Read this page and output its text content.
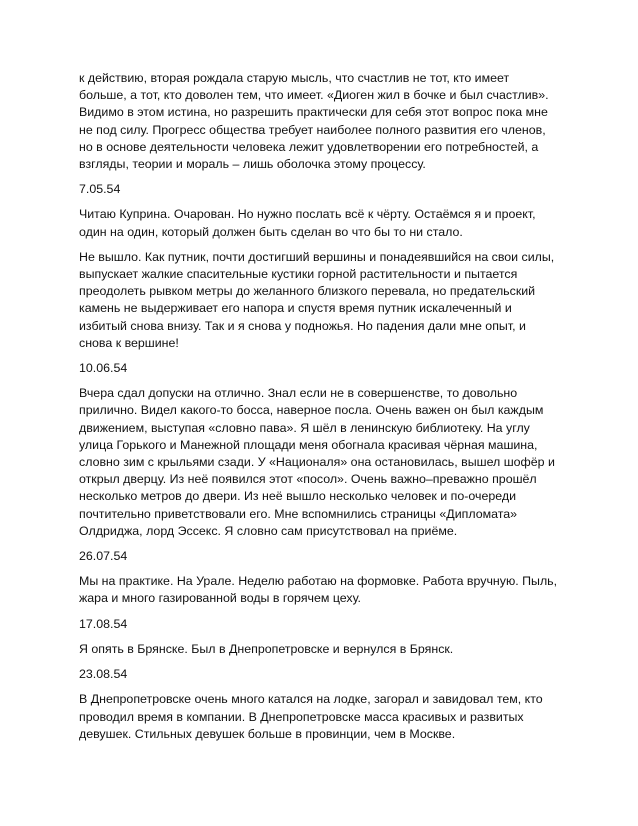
к действию, вторая рождала старую мысль, что счастлив не тот, кто имеет больше, а тот, кто доволен тем, что имеет. «Диоген жил в бочке и был счастлив». Видимо в этом истина, но разрешить практически для себя этот вопрос пока мне не под силу. Прогресс общества требует наиболее полного развития его членов, но в основе деятельности человека лежит удовлетворении его потребностей, а взгляды, теории и мораль – лишь оболочка этому процессу.

7.05.54

Читаю Куприна. Очарован. Но нужно послать всё к чёрту. Остаёмся я и проект, один на один, который должен быть сделан во что бы то ни стало.

Не вышло. Как путник, почти достигший вершины и понадеявшийся на свои силы, выпускает жалкие спасительные кустики горной растительности и пытается преодолеть рывком метры до желанного близкого перевала, но предательский камень не выдерживает его напора и спустя время путник искалеченный и избитый снова внизу. Так и я снова у подножья. Но падения дали мне опыт, и снова к вершине!

10.06.54

Вчера сдал допуски на отлично. Знал если не в совершенстве, то довольно прилично. Видел какого-то босса, наверное посла. Очень важен он был каждым движением, выступая «словно пава». Я шёл в ленинскую библиотеку. На углу улица Горького и Манежной площади меня обогнала красивая чёрная машина, словно зим с крыльями сзади. У «Националя» она остановилась, вышел шофёр и открыл дверцу. Из неё появился этот «посол». Очень важно–преважно прошёл несколько метров до двери. Из неё вышло несколько человек и по-очереди почтительно приветствовали его. Мне вспомнились страницы «Дипломата» Олдриджа, лорд Эссекс. Я словно сам присутствовал на приёме.

26.07.54

Мы на практике. На Урале. Неделю работаю на формовке. Работа вручную. Пыль, жара и много газированной воды в горячем цеху.

17.08.54

Я опять в Брянске. Был в Днепропетровске и вернулся в Брянск.

23.08.54

В Днепропетровске очень много катался на лодке, загорал и завидовал тем, кто проводил время в компании. В Днепропетровске масса красивых и развитых девушек. Стильных девушек больше в провинции, чем в Москве.
